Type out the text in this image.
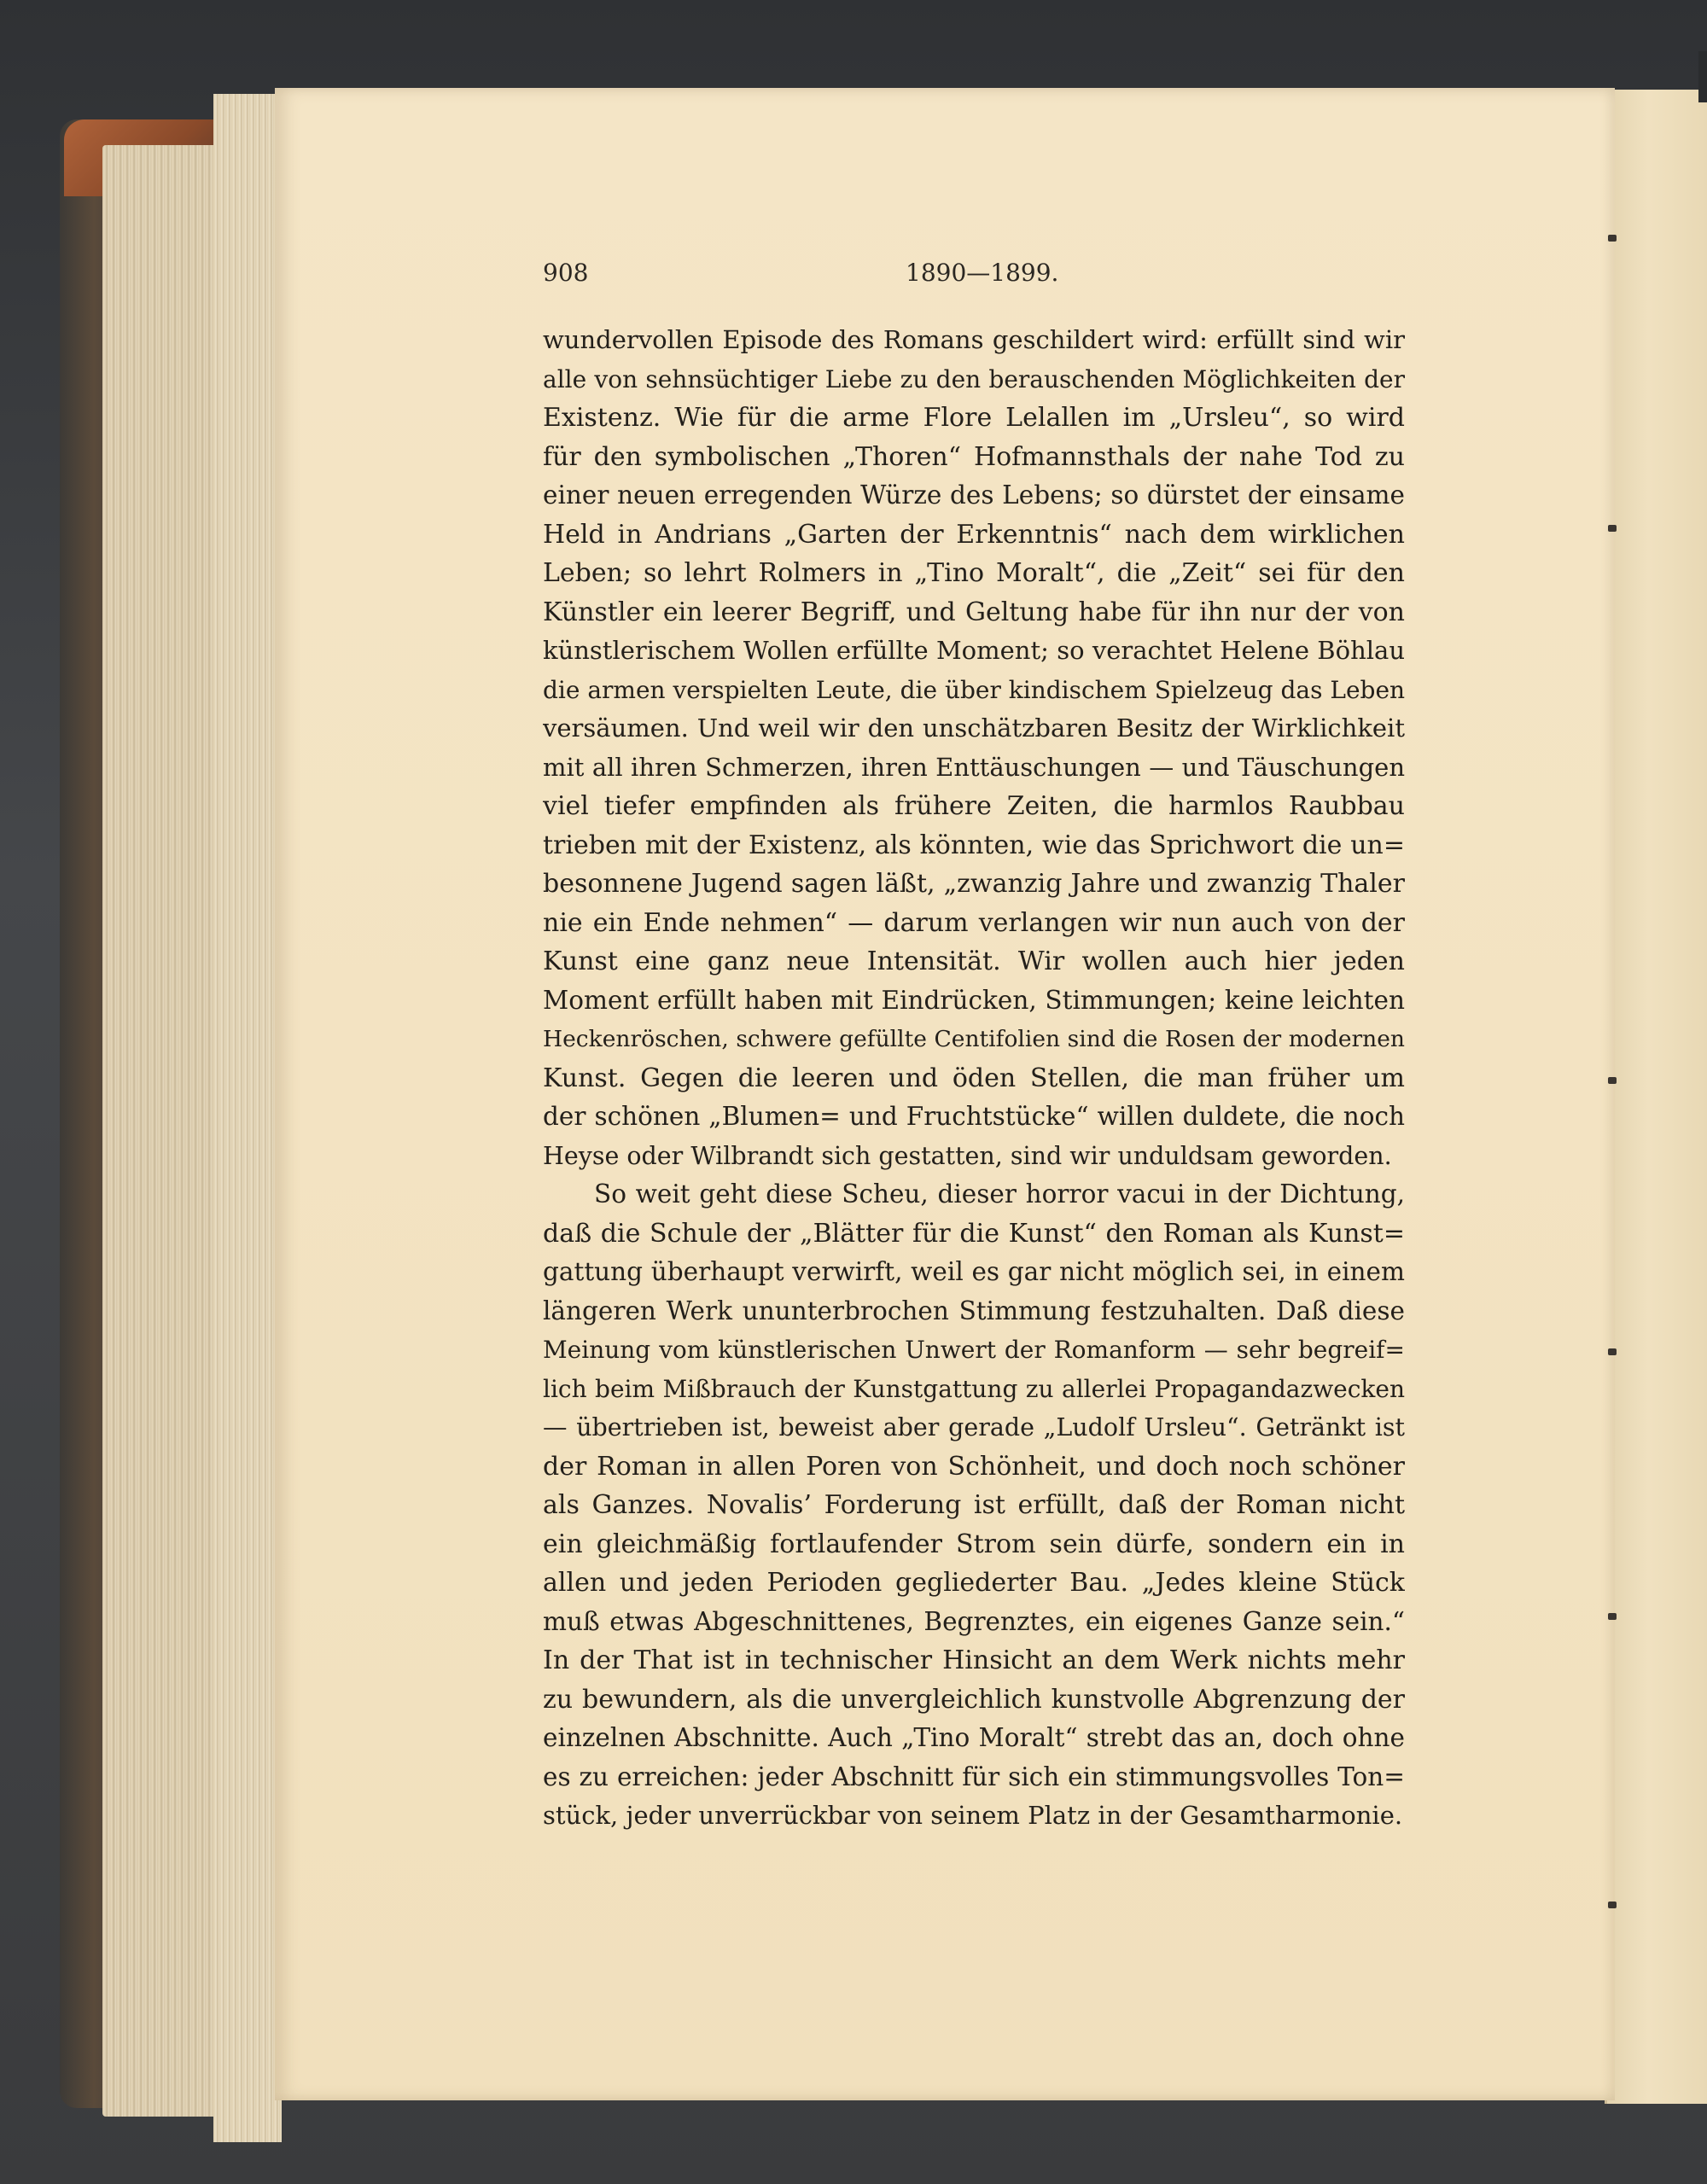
908	1890—1899.
wundervollen Episode des Romans geschildert wird: erfüllt sind wir
alle von sehnsüchtiger Liebe zu den berauschenden Möglichkeiten der
Existenz. Wie für die arme Flore Lelallen im „Ursleu“, so wird
für den symbolischen „Thoren“ Hofmannsthals der nahe Tod zu
einer neuen erregenden Würze des Lebens; so dürstet der einsame
Held in Andrians „Garten der Erkenntnis“ nach dem wirklichen
Leben; so lehrt Rolmers in „Tino Moralt“, die „Zeit“ sei für den
Künstler ein leerer Begriff, und Geltung habe für ihn nur der von
künstlerischem Wollen erfüllte Moment; so verachtet Helene Böhlau
die armen verspielten Leute, die über kindischem Spielzeug das Leben
versäumen. Und weil wir den unschätzbaren Besitz der Wirklichkeit
mit all ihren Schmerzen, ihren Enttäuschungen — und Täuschungen
viel tiefer empfinden als frühere Zeiten, die harmlos Raubbau
trieben mit der Existenz, als könnten, wie das Sprichwort die un=
besonnene Jugend sagen läßt, „zwanzig Jahre und zwanzig Thaler
nie ein Ende nehmen“ — darum verlangen wir nun auch von der
Kunst eine ganz neue Intensität. Wir wollen auch hier jeden
Moment erfüllt haben mit Eindrücken, Stimmungen; keine leichten
Heckenröschen, schwere gefüllte Centifolien sind die Rosen der modernen
Kunst. Gegen die leeren und öden Stellen, die man früher um
der schönen „Blumen= und Fruchtstücke“ willen duldete, die noch
Heyse oder Wilbrandt sich gestatten, sind wir unduldsam geworden.
So weit geht diese Scheu, dieser horror vacui in der Dichtung,
daß die Schule der „Blätter für die Kunst“ den Roman als Kunst=
gattung überhaupt verwirft, weil es gar nicht möglich sei, in einem
längeren Werk ununterbrochen Stimmung festzuhalten. Daß diese
Meinung vom künstlerischen Unwert der Romanform — sehr begreif=
lich beim Mißbrauch der Kunstgattung zu allerlei Propagandazwecken
— übertrieben ist, beweist aber gerade „Ludolf Ursleu“. Getränkt ist
der Roman in allen Poren von Schönheit, und doch noch schöner
als Ganzes. Novalis’ Forderung ist erfüllt, daß der Roman nicht
ein gleichmäßig fortlaufender Strom sein dürfe, sondern ein in
allen und jeden Perioden gegliederter Bau. „Jedes kleine Stück
muß etwas Abgeschnittenes, Begrenztes, ein eigenes Ganze sein.“
In der That ist in technischer Hinsicht an dem Werk nichts mehr
zu bewundern, als die unvergleichlich kunstvolle Abgrenzung der
einzelnen Abschnitte. Auch „Tino Moralt“ strebt das an, doch ohne
es zu erreichen: jeder Abschnitt für sich ein stimmungsvolles Ton=
stück, jeder unverrückbar von seinem Platz in der Gesamtharmonie.
